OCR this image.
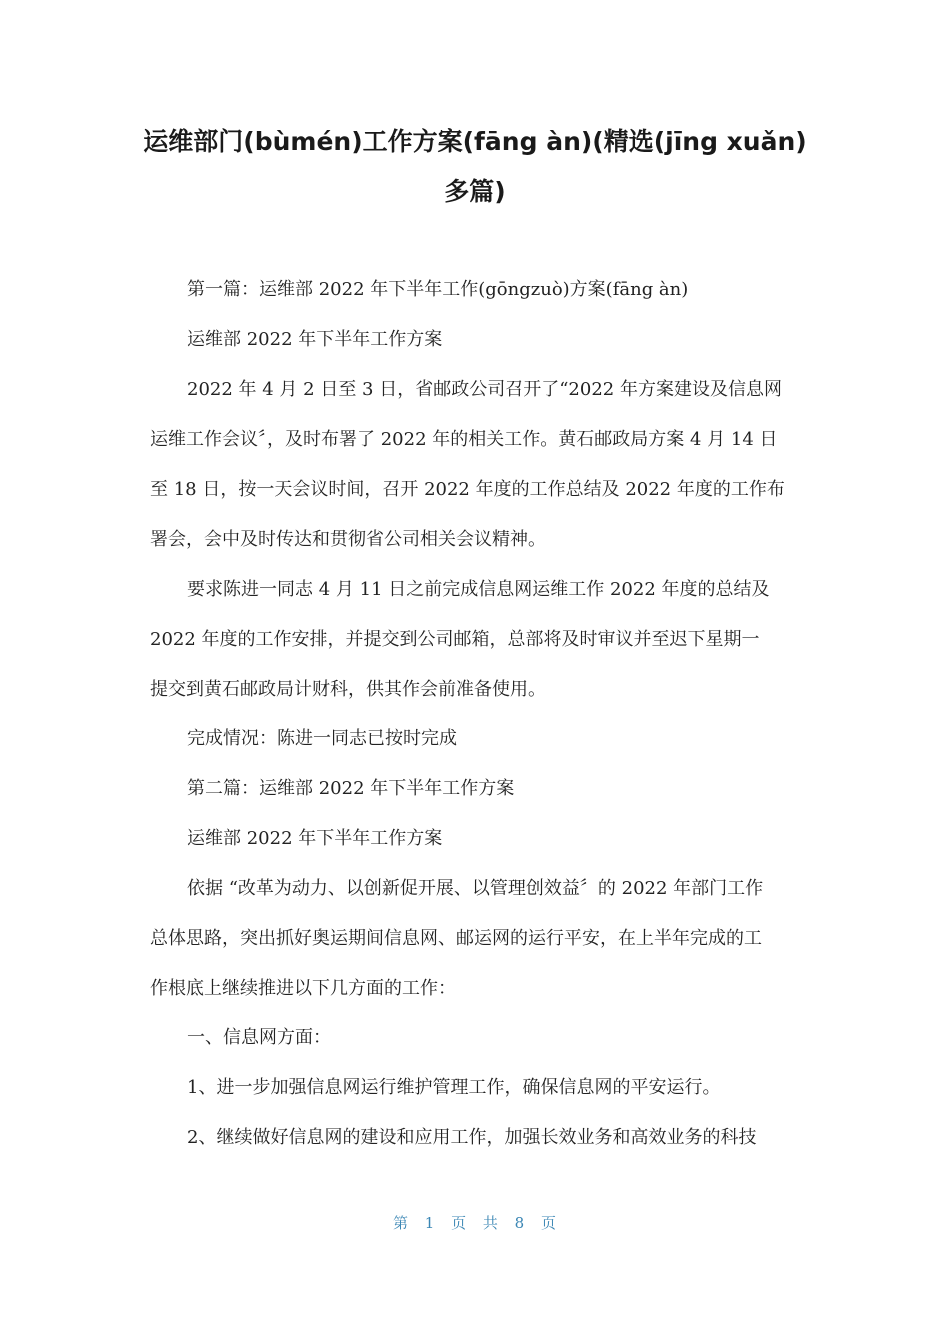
运维部门(bùmén)工作方案(fāng àn)(精选(jīng xuǎn)
多篇)

第一篇：运维部 2022 年下半年工作(gōngzuò)方案(fāng àn)

运维部 2022 年下半年工作方案

2022 年 4 月 2 日至 3 日，省邮政公司召开了“2022 年方案建设及信息网

运维工作会议〞，及时布署了 2022 年的相关工作。黄石邮政局方案 4 月 14 日

至 18 日，按一天会议时间，召开 2022 年度的工作总结及 2022 年度的工作布

署会，会中及时传达和贯彻省公司相关会议精神。

要求陈进一同志 4 月 11 日之前完成信息网运维工作 2022 年度的总结及

2022 年度的工作安排，并提交到公司邮箱，总部将及时审议并至迟下星期一

提交到黄石邮政局计财科，供其作会前准备使用。

完成情况：陈进一同志已按时完成

第二篇：运维部 2022 年下半年工作方案

运维部 2022 年下半年工作方案

依据 “改革为动力、以创新促开展、以管理创效益〞的 2022 年部门工作

总体思路，突出抓好奥运期间信息网、邮运网的运行平安，在上半年完成的工

作根底上继续推进以下几方面的工作：

一、信息网方面：

1、进一步加强信息网运行维护管理工作，确保信息网的平安运行。

2、继续做好信息网的建设和应用工作，加强长效业务和高效业务的科技

第 1 页 共 8 页
